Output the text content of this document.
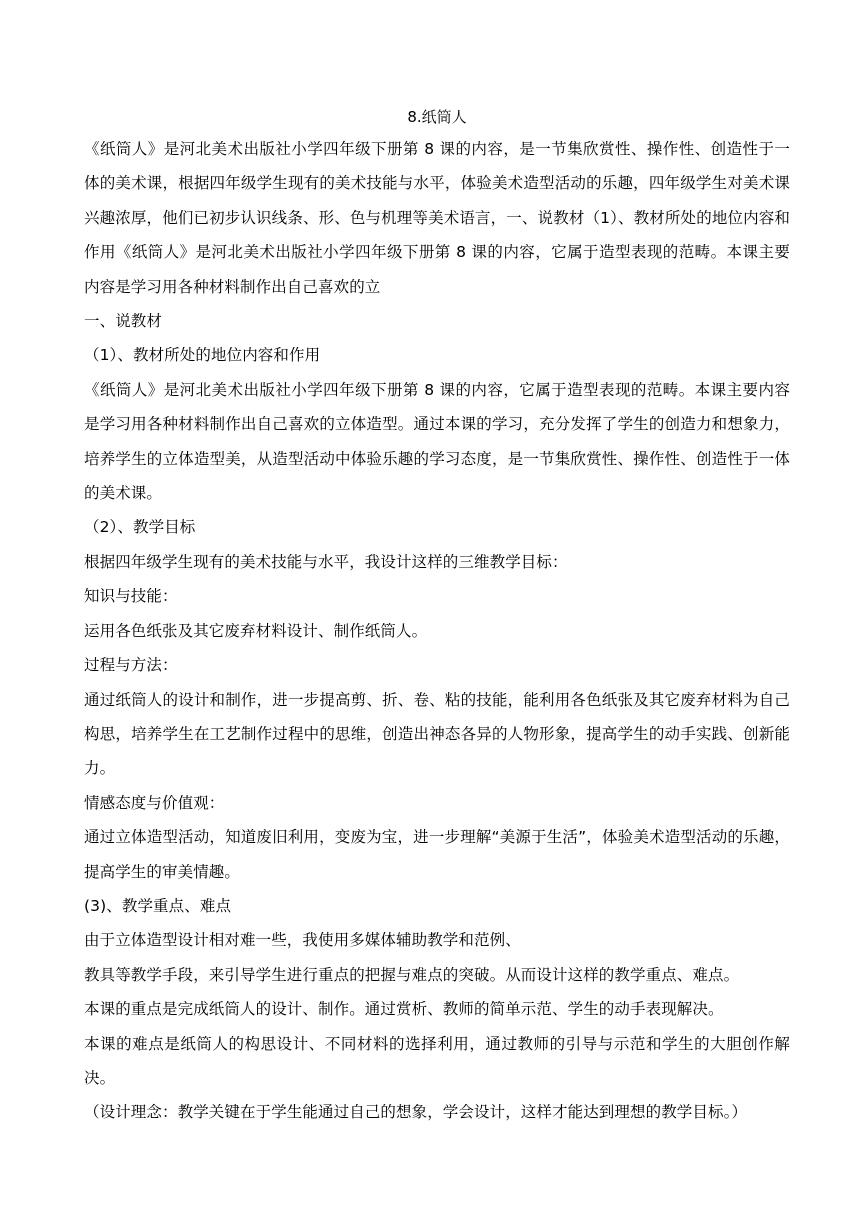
8.纸筒人

《纸筒人》是河北美术出版社小学四年级下册第 8 课的内容，是一节集欣赏性、操作性、创造性于一体的美术课，根据四年级学生现有的美术技能与水平，体验美术造型活动的乐趣，四年级学生对美术课兴趣浓厚，他们已初步认识线条、形、色与机理等美术语言，一、说教材（1）、教材所处的地位内容和作用《纸筒人》是河北美术出版社小学四年级下册第 8 课的内容，它属于造型表现的范畴。本课主要内容是学习用各种材料制作出自己喜欢的立

一、说教材

（1）、教材所处的地位内容和作用

《纸筒人》是河北美术出版社小学四年级下册第 8 课的内容，它属于造型表现的范畴。本课主要内容是学习用各种材料制作出自己喜欢的立体造型。通过本课的学习，充分发挥了学生的创造力和想象力，培养学生的立体造型美，从造型活动中体验乐趣的学习态度，是一节集欣赏性、操作性、创造性于一体的美术课。

（2）、教学目标

根据四年级学生现有的美术技能与水平，我设计这样的三维教学目标：

知识与技能：

运用各色纸张及其它废弃材料设计、制作纸筒人。

过程与方法：

通过纸筒人的设计和制作，进一步提高剪、折、卷、粘的技能，能利用各色纸张及其它废弃材料为自己构思，培养学生在工艺制作过程中的思维，创造出神态各异的人物形象，提高学生的动手实践、创新能力。

情感态度与价值观：

通过立体造型活动，知道废旧利用，变废为宝，进一步理解“美源于生活”，体验美术造型活动的乐趣，提高学生的审美情趣。

(3)、教学重点、难点

由于立体造型设计相对难一些，我使用多媒体辅助教学和范例、

教具等教学手段，来引导学生进行重点的把握与难点的突破。从而设计这样的教学重点、难点。

本课的重点是完成纸筒人的设计、制作。通过赏析、教师的简单示范、学生的动手表现解决。

本课的难点是纸筒人的构思设计、不同材料的选择利用，通过教师的引导与示范和学生的大胆创作解决。

（设计理念：教学关键在于学生能通过自己的想象，学会设计，这样才能达到理想的教学目标。）
